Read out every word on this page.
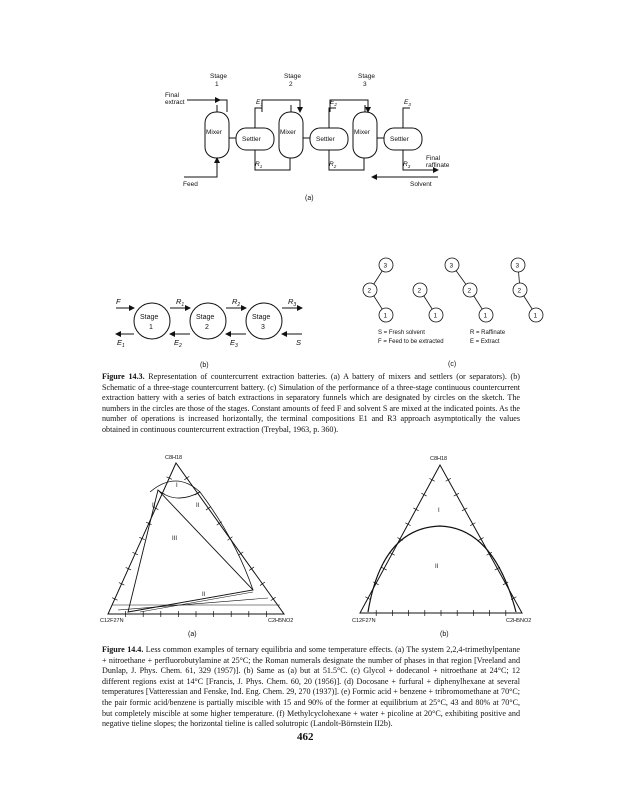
Stage
1
Stage
2
Stage
3
Final
extract
Mixer	Mixer	Mixer
Settler	Settler	Settler
$E_1$	$E_2$	$E_3$
$R_1$	$R_2$	$R_3$
Final
raffinate
Feed	Solvent
(a)
Stage
1
Stage
2
Stage
3
F
S
$R_1$	$R_2$	$R_3$
$E_1$	$E_2$	$E_3$
(b)
3	3	3
2	2	2	2
1	1	1	1
S = Fresh solvent
F = Feed to be extracted
R = Raffinate
E = Extract
(c)
Figure 14.3. Representation of countercurrent extraction batteries. (a) A battery of mixers and settlers (or separators). (b) Schematic of a three-stage countercurrent battery. (c) Simulation of the performance of a three-stage continuous countercurrent extraction battery with a series of batch extractions in separatory funnels which are designated by circles on the sketch. The numbers in the circles are those of the stages. Constant amounts of feed F and solvent S are mixed at the indicated points. As the number of operations is increased horizontally, the terminal compositions E1 and R3 approach asymptotically the values obtained in continuous countercurrent extraction (Treybal, 1963, p. 360).
C8H18
C12F27N	C2H5NO2
I
II	II
III
II
(a)
C8H18
C12F27N	C2H5NO2
I
II
(b)
Figure 14.4. Less common examples of ternary equilibria and some temperature effects. (a) The system 2,2,4-trimethylpentane + nitroethane + perfluorobutylamine at 25°C; the Roman numerals designate the number of phases in that region [Vreeland and Dunlap, J. Phys. Chem. 61, 329 (1957)]. (b) Same as (a) but at 51.5°C. (c) Glycol + dodecanol + nitroethane at 24°C; 12 different regions exist at 14°C [Francis, J. Phys. Chem. 60, 20 (1956)]. (d) Docosane + furfural + diphenylhexane at several temperatures [Vatteressian and Fenske, Ind. Eng. Chem. 29, 270 (1937)]. (e) Formic acid + benzene + tribromomethane at 70°C; the pair formic acid/benzene is partially miscible with 15 and 90% of the former at equilibrium at 25°C, 43 and 80% at 70°C, but completely miscible at some higher temperature. (f) Methylcyclohexane + water + picoline at 20°C, exhibiting positive and negative tieline slopes; the horizontal tieline is called solutropic (Landolt-Börnstein II2b).
462
